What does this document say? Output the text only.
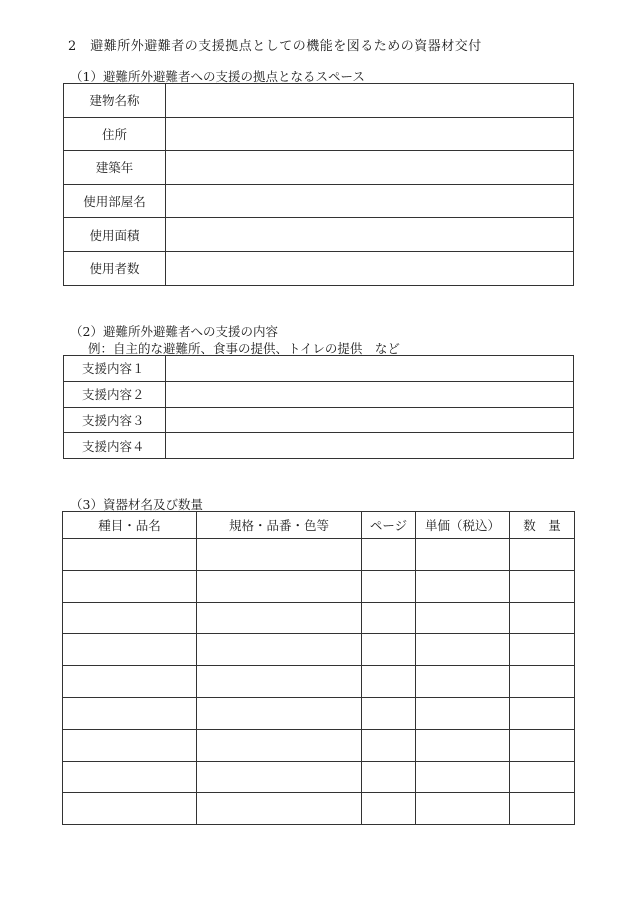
2　避難所外避難者の支援拠点としての機能を図るための資器材交付
（1）避難所外避難者への支援の拠点となるスペース
建物名称	
住所	
建築年	
使用部屋名	
使用面積	
使用者数	
（2）避難所外避難者への支援の内容
例：自主的な避難所、食事の提供、トイレの提供　など
支援内容１	
支援内容２	
支援内容３	
支援内容４	
（3）資器材名及び数量
種目・品名	規格・品番・色等	ページ	単価（税込）	数　量
